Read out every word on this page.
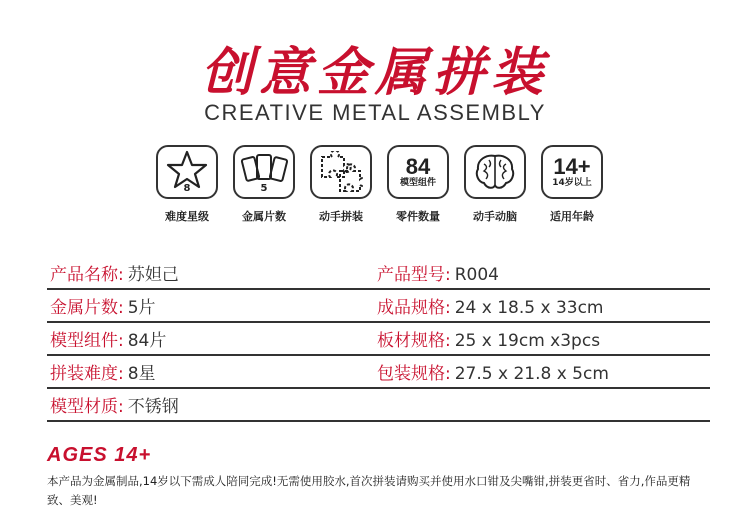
创意金属拼装
CREATIVE METAL ASSEMBLY
8
难度星级
5
金属片数	动手拼装
84
模型组件
零件数量	动手动脑
14+
14岁以上
适用年龄
产品名称: 苏妲己	产品型号: R004
金属片数: 5片	成品规格: 24 x 18.5 x 33cm
模型组件: 84片	板材规格: 25 x 19cm x3pcs
拼装难度: 8星	包装规格: 27.5 x 21.8 x 5cm
模型材质: 不锈钢
AGES 14+
本产品为金属制品,14岁以下需成人陪同完成!无需使用胶水,首次拼装请购买并使用水口钳及尖嘴钳,拼装更省时、省力,作品更精致、美观!
